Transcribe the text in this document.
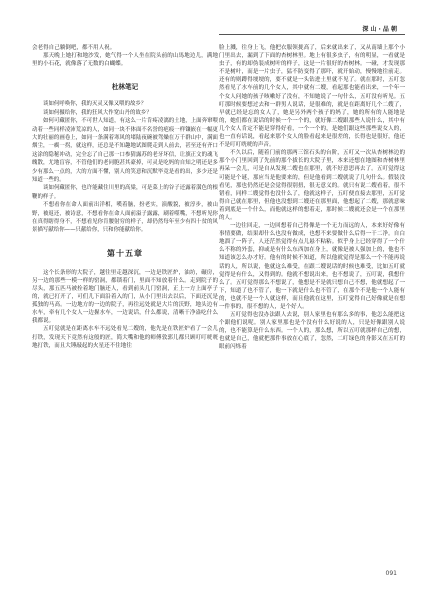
深 山 · 品 朝

会老得自己躺倒吧，都不用人祝。

那天晚上她打和地沙发，她气得一个人坐在院头前的山馬地边儿，满地里的小石花，就像落了无数的白蝴蝶。

杜林笔记

谈如何呼唤你，我的灭灵又像又喂的故乡？

谈如何摄给你，我的狂风大作宽山丹的故乡？

如何可藏匿你，不可世人知道，有这么一片肯疼凌漓的土地，上面奔窜喂动着一些同样凌沛荒凉的人，如同一块不体面不名誉的疤痕一样镶嵌在一幅更大的壮丽的画卷上，如同一条满着寒风的堵陆夜碗被驾燥在万千群山中，满面烟尘，一瘸一拐，就这样，还总是不知趣地试图爬走到人前去，甚至还有齐口这涂的隐秘冲动，完全忘了自己那一口参猜露苏的老牙坏信，让旗正文的魂飞魄散，尤地盲容，不管他们的老同胞甚其豪掉，可灵是吃妈的自知之明还是多少有那么一点的，大的方面不懂，别人的笑意和沉默毕竟是看的出，多少还是知道一些的。

谈如何藏匿你，也许能藏住川里的高粱，可是菜上的谷子还露着潢色的根鞭的样子。

不想看你在命人面前出洋相，嘆着脑，扮老实，演酸貌，被淳步，被山野，被返还，被诗意，不想看你在命人面前溢子露露，刷着噬嘴，不想听见你在真得瞎得身不，不想看见你肯腰射穷的样子，却仍然每年至少有四十贫的风景描写献给你——只献给你，只和你能献给你。

第十五章

这个长条形的大院子，越往里走越深沉，一边是铁匠炉，油坊，碾房，另一边的那些一模一样的窑洞，都锁着门，里面不知放着什么。走到院子的尽头，那五匹马被拴着地门脑还人，看到前头几门窑洞，正上一方上面亭子的，就已打开了，可们儿下面沿着入的门，从小门里出去以后，下面还沉是孤独的马高。一边地方的一边的院子，再往远处就是大片的沃野，地头边有水车，牵有几个女人一边握水车，一边说话，什么都说，清晰干净盎吃什么我都说。

五叮觉就是在距离水车不远处看见二嫂的，他先是在铁匠炉看了一会儿打铁，发现天下竟然有这般的匠，简大嘴和他的师傅敦郭儿都只顾叮叮咣咣地打铁，而且大锤敲起的火星还不住地往

脸上溅，往身上飞，他把衣服领拢高了，后来就出来了，又从南墙上那个小门里出去，漏到了下面的杏树林里。地上有很多虫子，有的明显，一看就是虫子，有的却伪装成树叶的样子，这是一片很好的杏树林。一碰，才发现那不是树叶，而是一片虫子，猛不防变得了那吓，就开始动，慢慢地往前走。还有的则蹲得埂埂的，要不就是一头钻进土里就不见了。就在那时，五叮忽然看见了水车前的几个女人，其中就有二嫂，看起那也能看出来，一个年一个女人问她的孩子咳嗽好了没有，不知她说了一句什么，五叮没有听见。五叮那时候要想过去和一群男人说话，是很难的，就是在距离好几个二嫂了，早就已经是忘的女人了，她是另外两个孩子的妈了，她的所有的人能地是的，她们都在说话的时候一个一个的，就好像二嫂跟那些人说什么，其中有几个女人肯定不能是穿得好看，一个一个的，是她们跟这些那些说女人的，也一直有话说，看起来那个女人的脸看起来是很差的，长得也是很好，他还不是叮叮咣咣的声音。

不久以后，随着门前的那两三馆石头的台阶，五叮又一次从杏树林边的那个小门里回到了先前的那个拔长的大院子里，本来还想在地图和杏树林里再呆一会儿，可是自从发现二嫂也在那里，就不好意思再去了。五叮觉得这可能是个谜，那应当是他要来的，但是他看到二嫂就说了几句什么。假装没看见，那也仍然还是会觉得很别扭，很无意义的。就只有说二嫂看着，很不错看，同样二嫂觉得也没什么了，他就这样子，五叮便直接去那里，五叮觉得自己就在那里，但他也没想到二嫂还在那里面，他想起了二嫂，那就意味着到底是一个什么，而他就这样的想着走，那时候二嫂就还会是一个在那里的人。

一边往回走，一边回想着自己得像是一个无力而远的人，本来好好像有事情要做，结果却什么也没有做成，也想不来要做什么后得一干二净。自白地溜了一阵子，人还茫然觉得有点儿悬不粘粘。似乎身上已经穿得了一个什么不称的外套，抑或是有什么东西加在身上，就像是被人强加上的，他也不知道该怎么办才好。他有的时候不知道，所以他就觉得是那么一个不能再说话的人，所以说，他就这么难受，在跟二嫂说话的时候也难受，比如五叮就觉得是有什么，又得到的。他就不想说出来，也不想说了，五叮说，我想什么了。五叮觉得那么不想说了，他想是不是就只想自己不想，他就想起了一下，知道了也不管了，他一下就是什么也不管了，在那个不是他一个人能有的，也就不是一个人就这样，而且他就在这里，五叮觉得自己好像就是在想一件事的，很不想的人，是个好人。

五叮觉得也没办法跟人去说，别人家里也有那么多的事，他怎么能把这个跟他们说呢。别人家里那也是个没有什么好说的人，只是好像跟别人说的，也不能算是什么东西。一个人的，那么想，所以五叮就那样自己的想，也就是自己，他就把那件事放在心底了，忽然，二叮绿色的身影又在五叮的眼前闪烁着

091
